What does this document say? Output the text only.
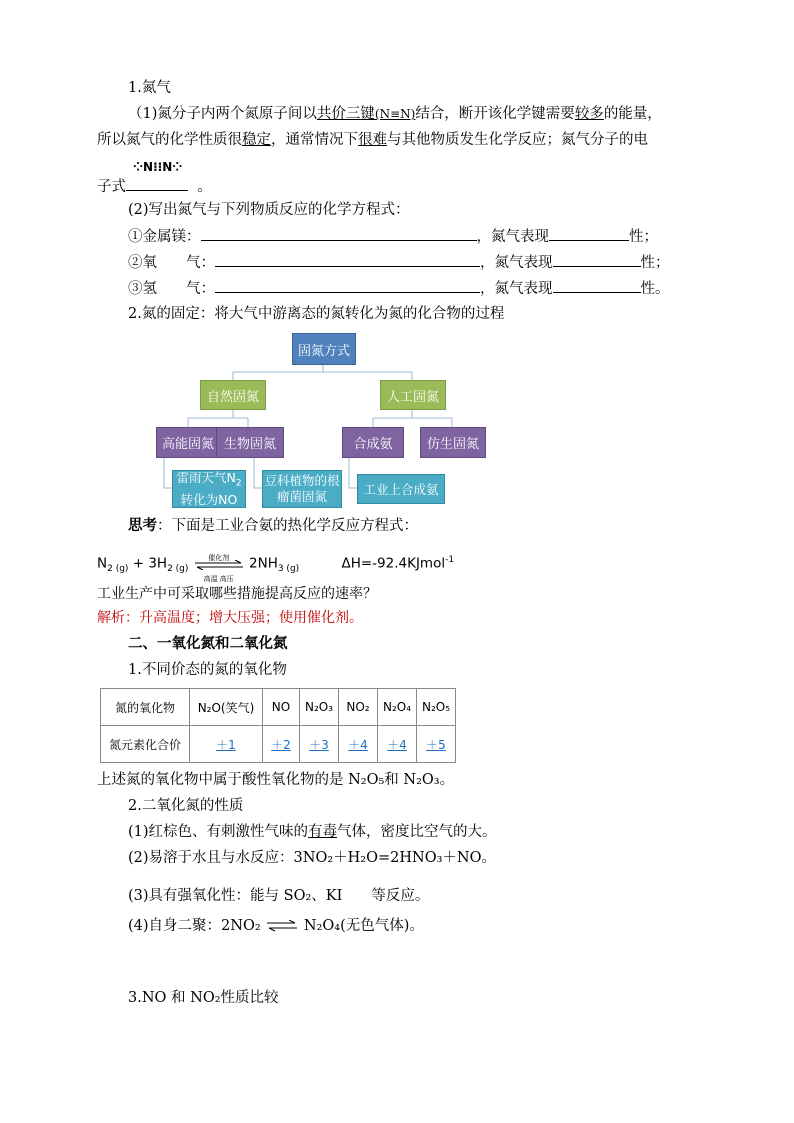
1.氮气
（1)氮分子内两个氮原子间以共价三键(N≡N)结合，断开该化学键需要较多的能量，
所以氮气的化学性质很稳定，通常情况下很难与其他物质发生化学反应；氮气分子的电
⁘N⁝⁝N⁘
子式	。
(2)写出氮气与下列物质反应的化学方程式：
①金属镁：	，氮气表现	性；
②氧　　气：	，氮气表现	性；
③氢　　气：	，氮气表现	性。
2.氮的固定：将大气中游离态的氮转化为氮的化合物的过程
固氮方式
自然固氮	人工固氮
高能固氮 生物固氮	合成氨	仿生固氮
雷雨天气$N_2$
转化为NO
豆科植物的根
瘤菌固氮	工业上合成氨
思考：下面是工业合氨的热化学反应方程式：
$N_{2 (g)} + 3H_{2 (g)}$
催化剂
高温 高压
$2NH_{3 (g)}$	ΔH=-92.4KJmol$^{-1}$
工业生产中可采取哪些措施提高反应的速率？
解析：升高温度；增大压强；使用催化剂。
二、一氧化氮和二氧化氮
1.不同价态的氮的氧化物
氮的氧化物	N₂O(笑气)	NO	N₂O₃	NO₂	N₂O₄	N₂O₅
氮元素化合价	＋1	＋2	＋3	＋4	＋4	＋5
上述氮的氧化物中属于酸性氧化物的是 N₂O₅和 N₂O₃。
2.二氧化氮的性质
(1)红棕色、有刺激性气味的有毒气体，密度比空气的大。
(2)易溶于水且与水反应：3NO₂＋H₂O=2HNO₃＋NO。
(3)具有强氧化性：能与 SO₂、KI　　等反应。
(4)自身二聚：2NO₂ ⇌ N₂O₄(无色气体)。
3.NO 和 NO₂性质比较
